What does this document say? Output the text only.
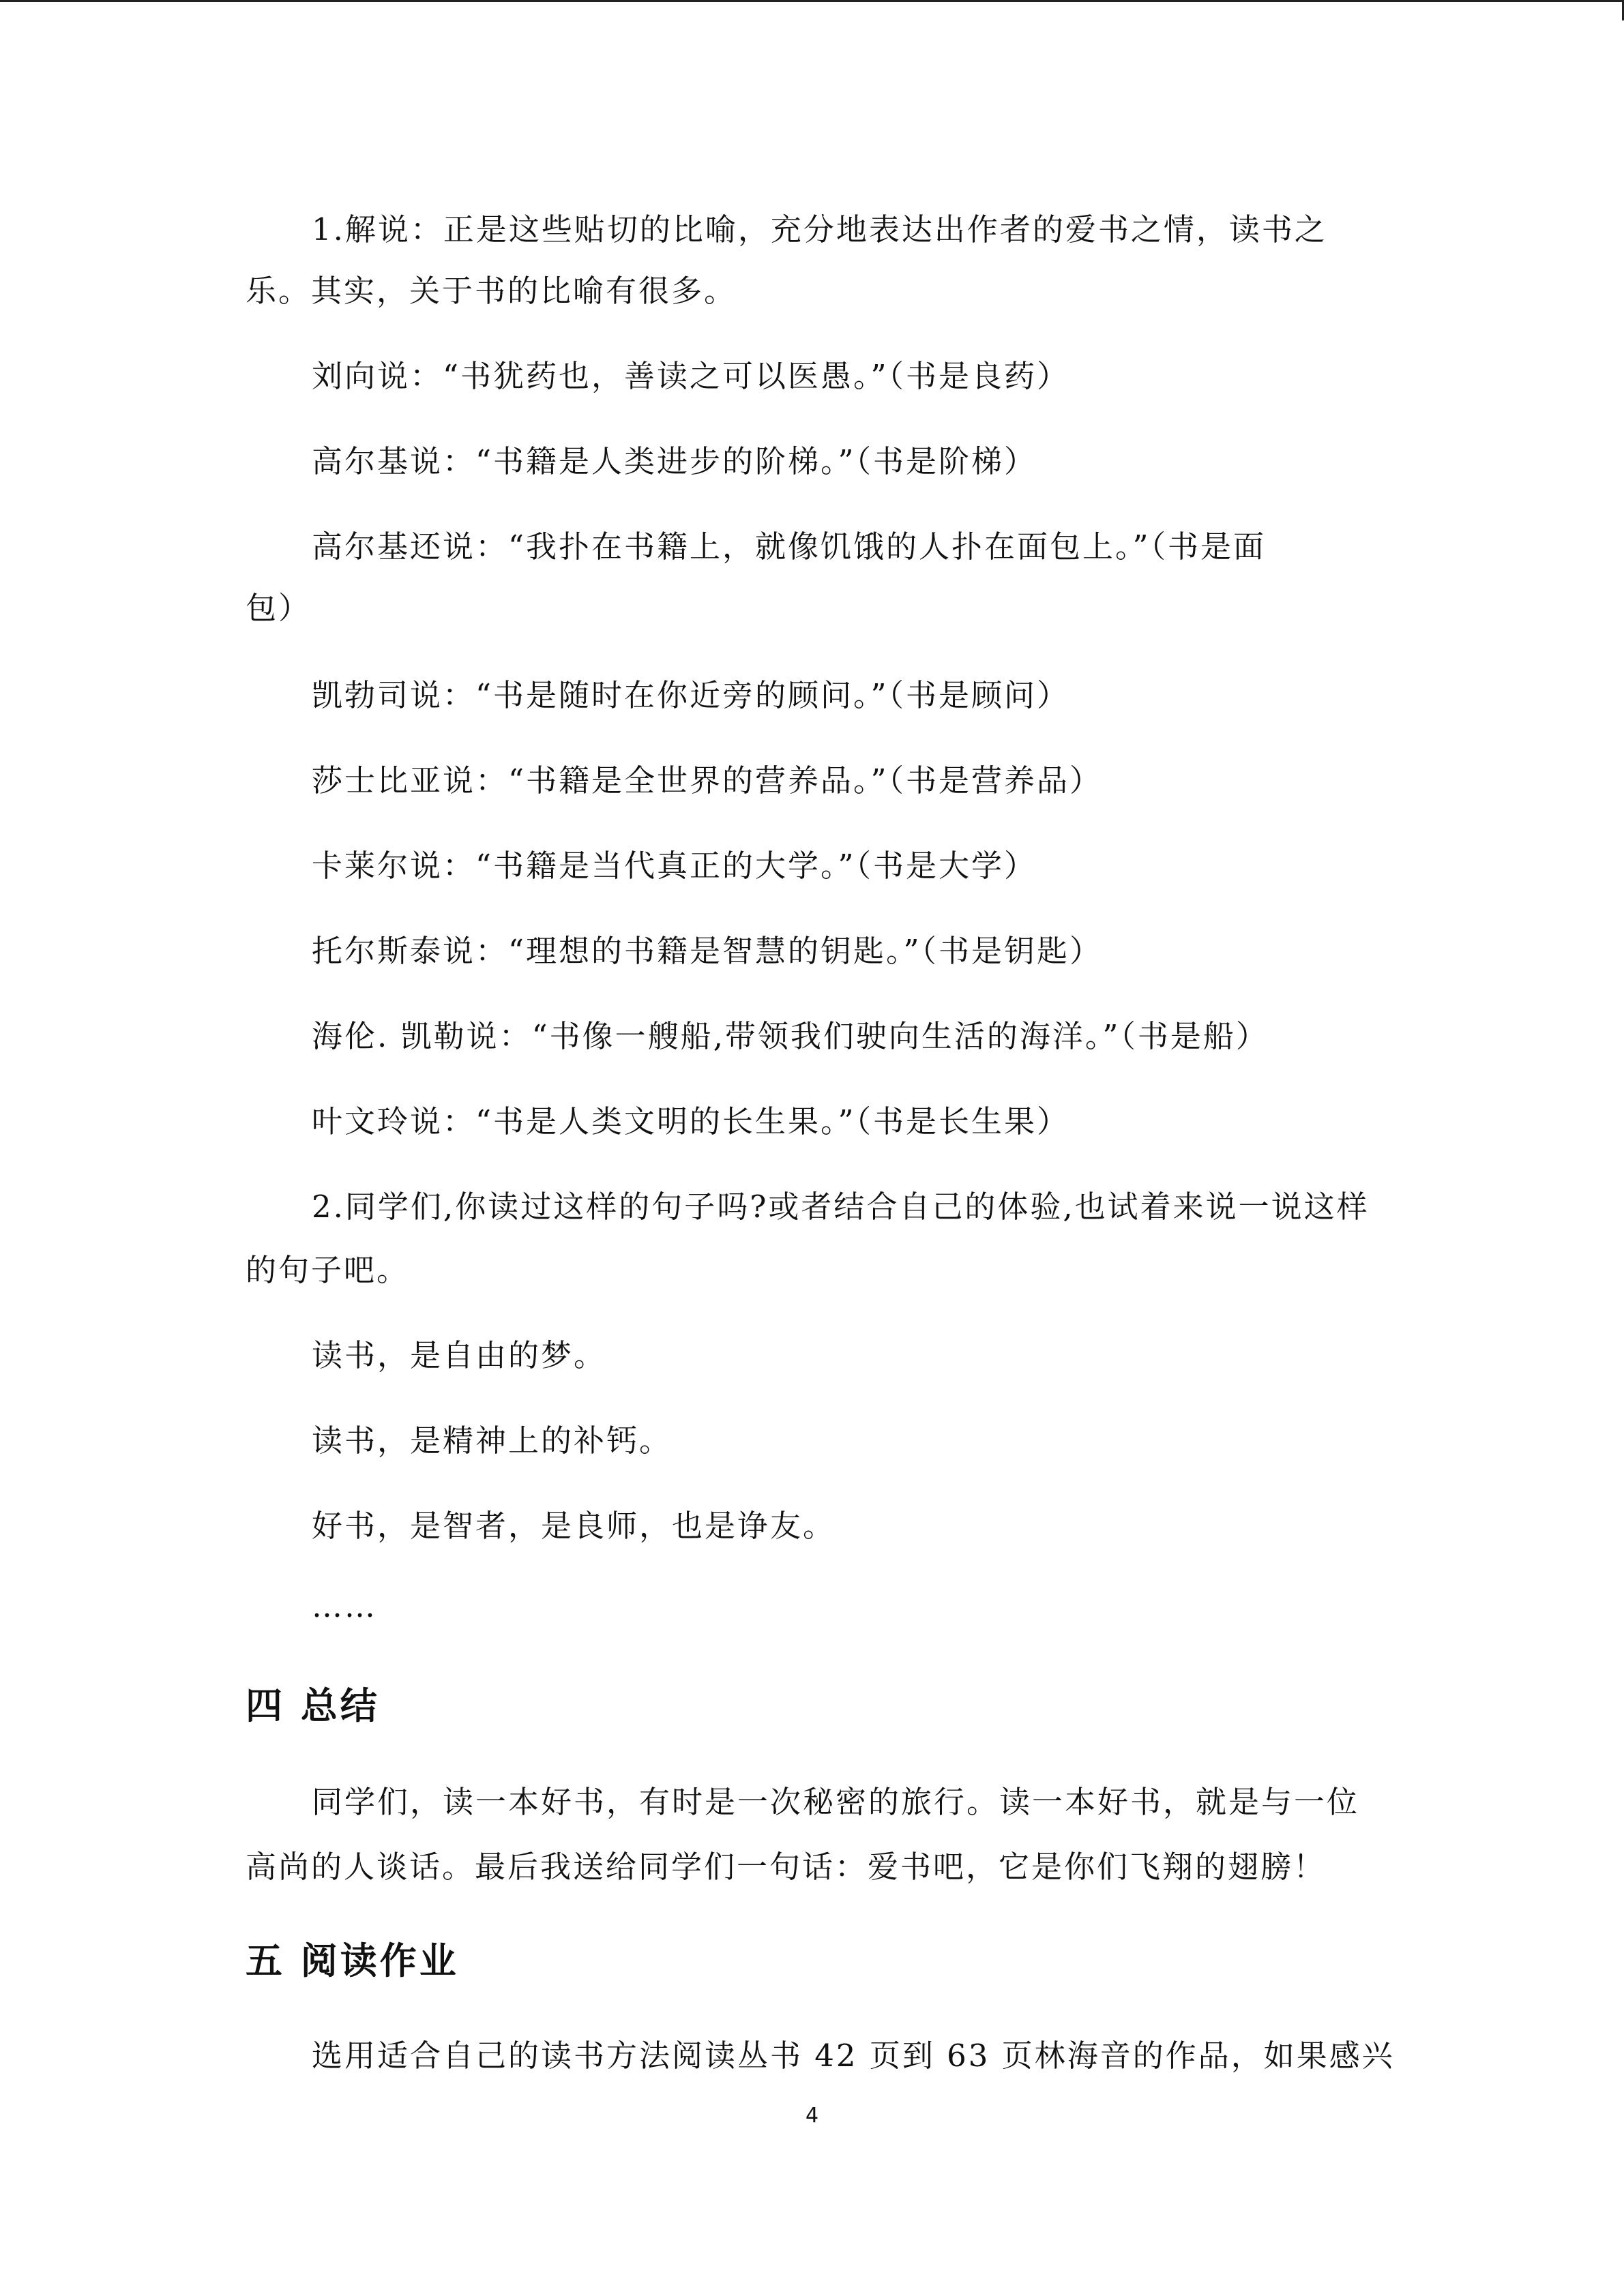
1.解说：正是这些贴切的比喻，充分地表达出作者的爱书之情，读书之
乐。其实，关于书的比喻有很多。
刘向说：“书犹药也，善读之可以医愚。”（书是良药）
高尔基说：“书籍是人类进步的阶梯。”（书是阶梯）
高尔基还说：“我扑在书籍上，就像饥饿的人扑在面包上。”（书是面
包）
凯勃司说：“书是随时在你近旁的顾问。”（书是顾问）
莎士比亚说：“书籍是全世界的营养品。”（书是营养品）
卡莱尔说：“书籍是当代真正的大学。”（书是大学）
托尔斯泰说：“理想的书籍是智慧的钥匙。”（书是钥匙）
海伦. 凯勒说：“书像一艘船,带领我们驶向生活的海洋。”（书是船）
叶文玲说：“书是人类文明的长生果。”（书是长生果）
2.同学们,你读过这样的句子吗?或者结合自己的体验,也试着来说一说这样
的句子吧。
读书，是自由的梦。
读书，是精神上的补钙。
好书，是智者，是良师，也是诤友。
……
四 总结
同学们，读一本好书，有时是一次秘密的旅行。读一本好书，就是与一位
高尚的人谈话。最后我送给同学们一句话：爱书吧，它是你们飞翔的翅膀！
五 阅读作业
选用适合自己的读书方法阅读丛书 42 页到 63 页林海音的作品，如果感兴
4
